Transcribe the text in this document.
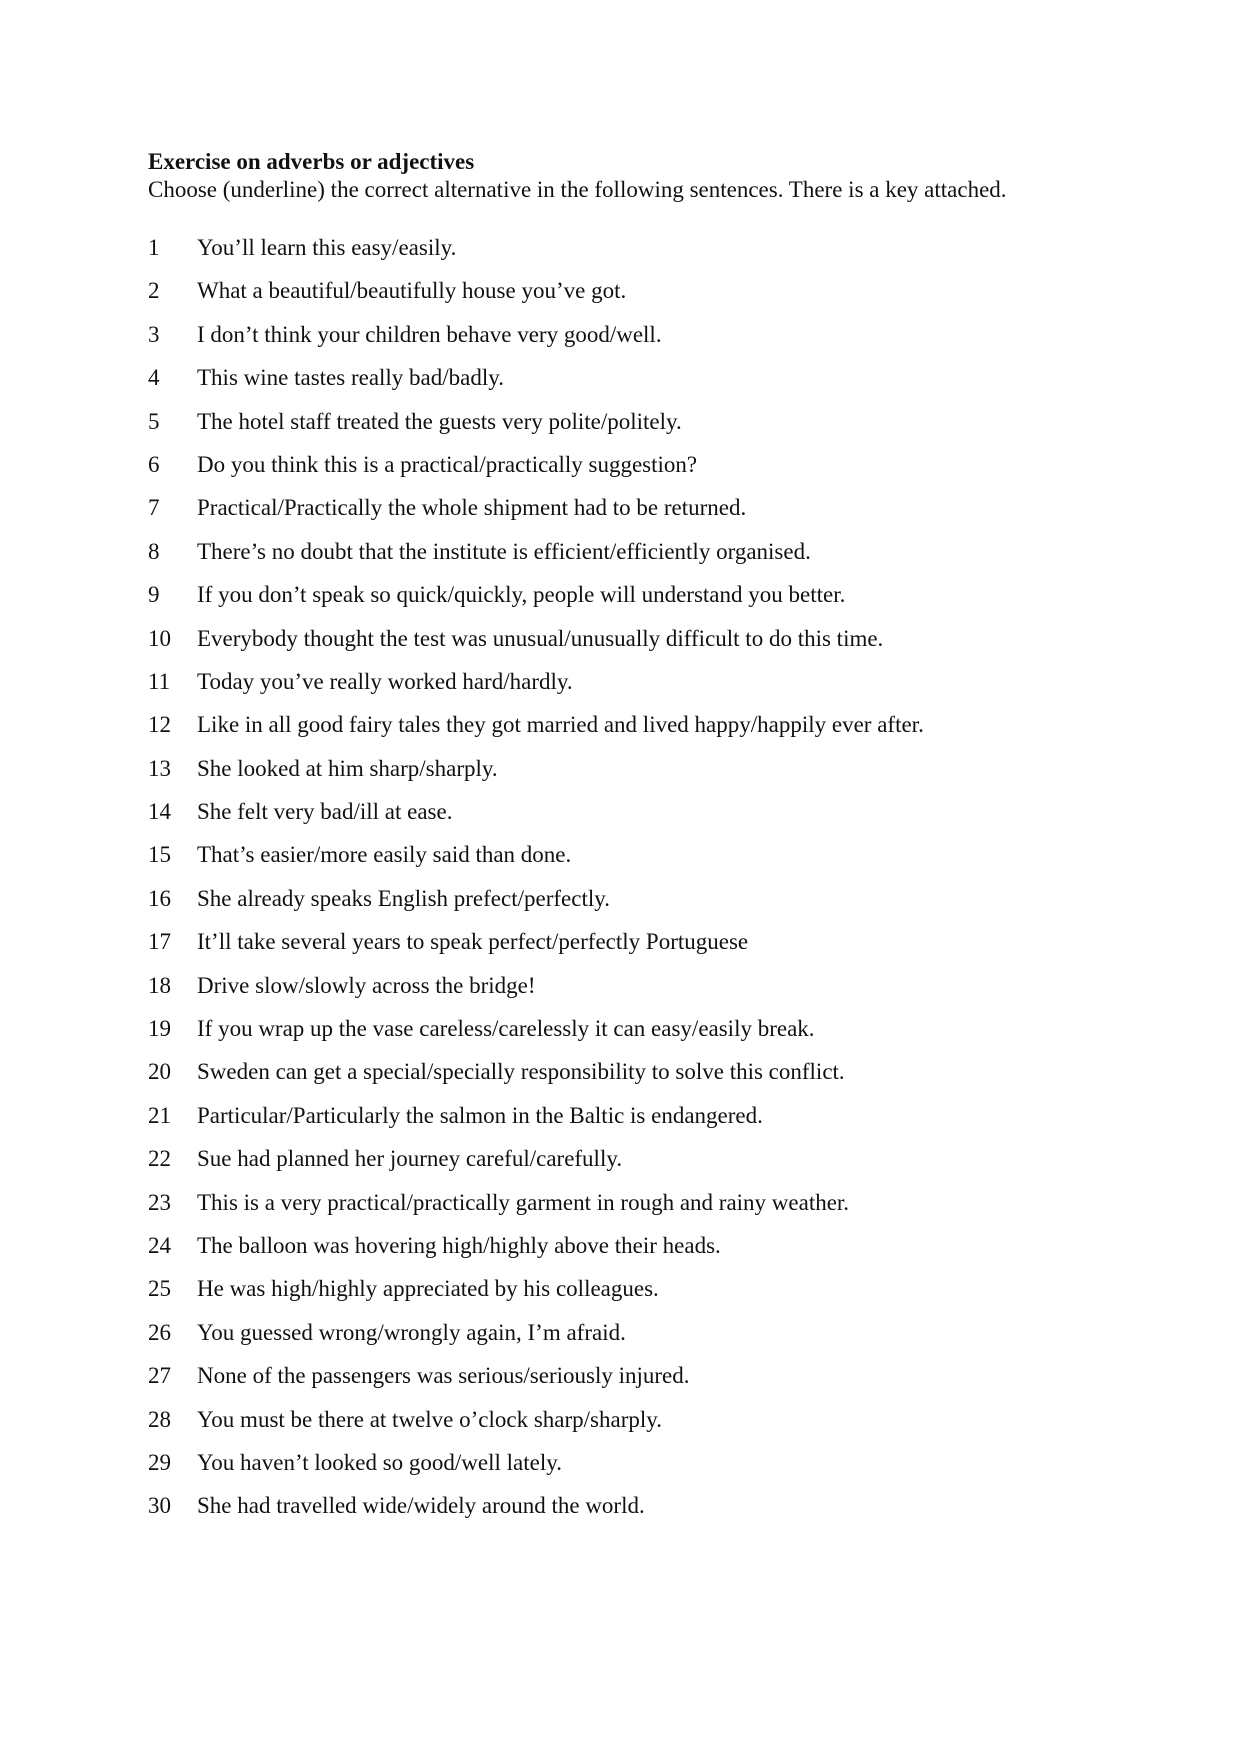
Exercise on adverbs or adjectives
Choose (underline) the correct alternative in the following sentences. There is a key attached.
1 You’ll learn this easy/easily.
2 What a beautiful/beautifully house you’ve got.
3 I don’t think your children behave very good/well.
4 This wine tastes really bad/badly.
5 The hotel staff treated the guests very polite/politely.
6 Do you think this is a practical/practically suggestion?
7 Practical/Practically the whole shipment had to be returned.
8 There’s no doubt that the institute is efficient/efficiently organised.
9 If you don’t speak so quick/quickly, people will understand you better.
10 Everybody thought the test was unusual/unusually difficult to do this time.
11 Today you’ve really worked hard/hardly.
12 Like in all good fairy tales they got married and lived happy/happily ever after.
13 She looked at him sharp/sharply.
14 She felt very bad/ill at ease.
15 That’s easier/more easily said than done.
16 She already speaks English prefect/perfectly.
17 It’ll take several years to speak perfect/perfectly Portuguese
18 Drive slow/slowly across the bridge!
19 If you wrap up the vase careless/carelessly it can easy/easily break.
20 Sweden can get a special/specially responsibility to solve this conflict.
21 Particular/Particularly the salmon in the Baltic is endangered.
22 Sue had planned her journey careful/carefully.
23 This is a very practical/practically garment in rough and rainy weather.
24 The balloon was hovering high/highly above their heads.
25 He was high/highly appreciated by his colleagues.
26 You guessed wrong/wrongly again, I’m afraid.
27 None of the passengers was serious/seriously injured.
28 You must be there at twelve o’clock sharp/sharply.
29 You haven’t looked so good/well lately.
30 She had travelled wide/widely around the world.
